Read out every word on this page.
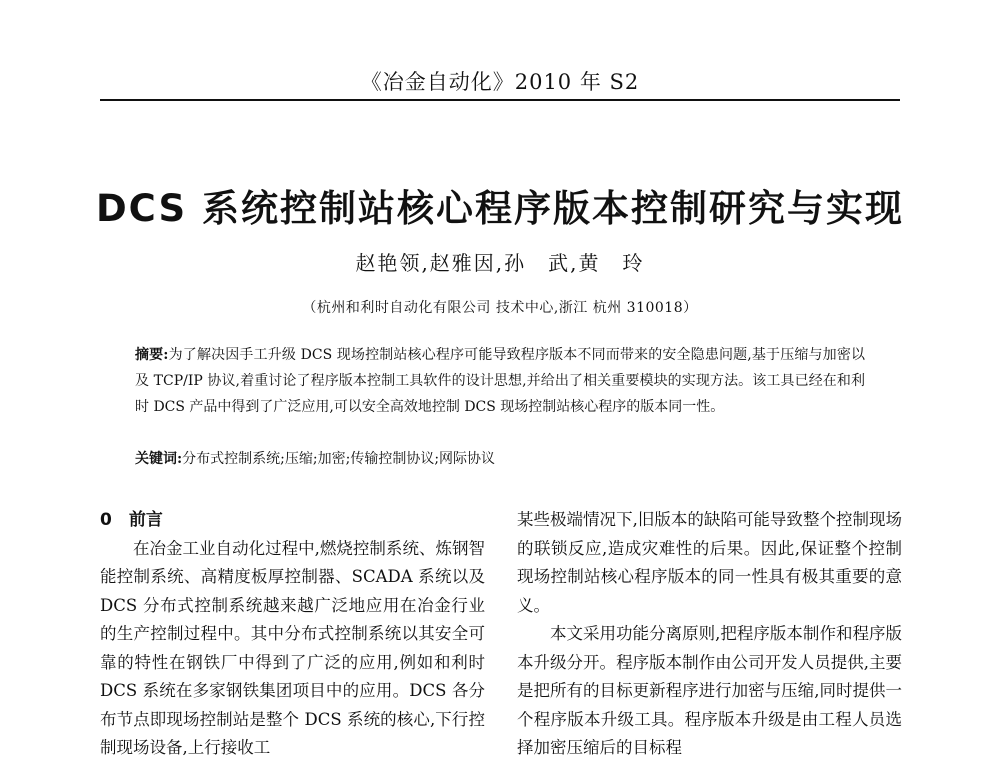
《冶金自动化》2010 年 S2
DCS 系统控制站核心程序版本控制研究与实现
赵艳领,赵雅因,孙　武,黄　玲
（杭州和利时自动化有限公司 技术中心,浙江 杭州 310018）
摘要:为了解决因手工升级 DCS 现场控制站核心程序可能导致程序版本不同而带来的安全隐患问题,基于压缩与加密以及 TCP/IP 协议,着重讨论了程序版本控制工具软件的设计思想,并给出了相关重要模块的实现方法。该工具已经在和利时 DCS 产品中得到了广泛应用,可以安全高效地控制 DCS 现场控制站核心程序的版本同一性。
关键词:分布式控制系统;压缩;加密;传输控制协议;网际协议

0　前言

在冶金工业自动化过程中,燃烧控制系统、炼钢智能控制系统、高精度板厚控制器、SCADA 系统以及 DCS 分布式控制系统越来越广泛地应用在冶金行业的生产控制过程中。其中分布式控制系统以其安全可靠的特性在钢铁厂中得到了广泛的应用,例如和利时 DCS 系统在多家钢铁集团项目中的应用。DCS 各分布节点即现场控制站是整个 DCS 系统的核心,下行控制现场设备,上行接收工

某些极端情况下,旧版本的缺陷可能导致整个控制现场的联锁反应,造成灾难性的后果。因此,保证整个控制现场控制站核心程序版本的同一性具有极其重要的意义。

本文采用功能分离原则,把程序版本制作和程序版本升级分开。程序版本制作由公司开发人员提供,主要是把所有的目标更新程序进行加密与压缩,同时提供一个程序版本升级工具。程序版本升级是由工程人员选择加密压缩后的目标程
